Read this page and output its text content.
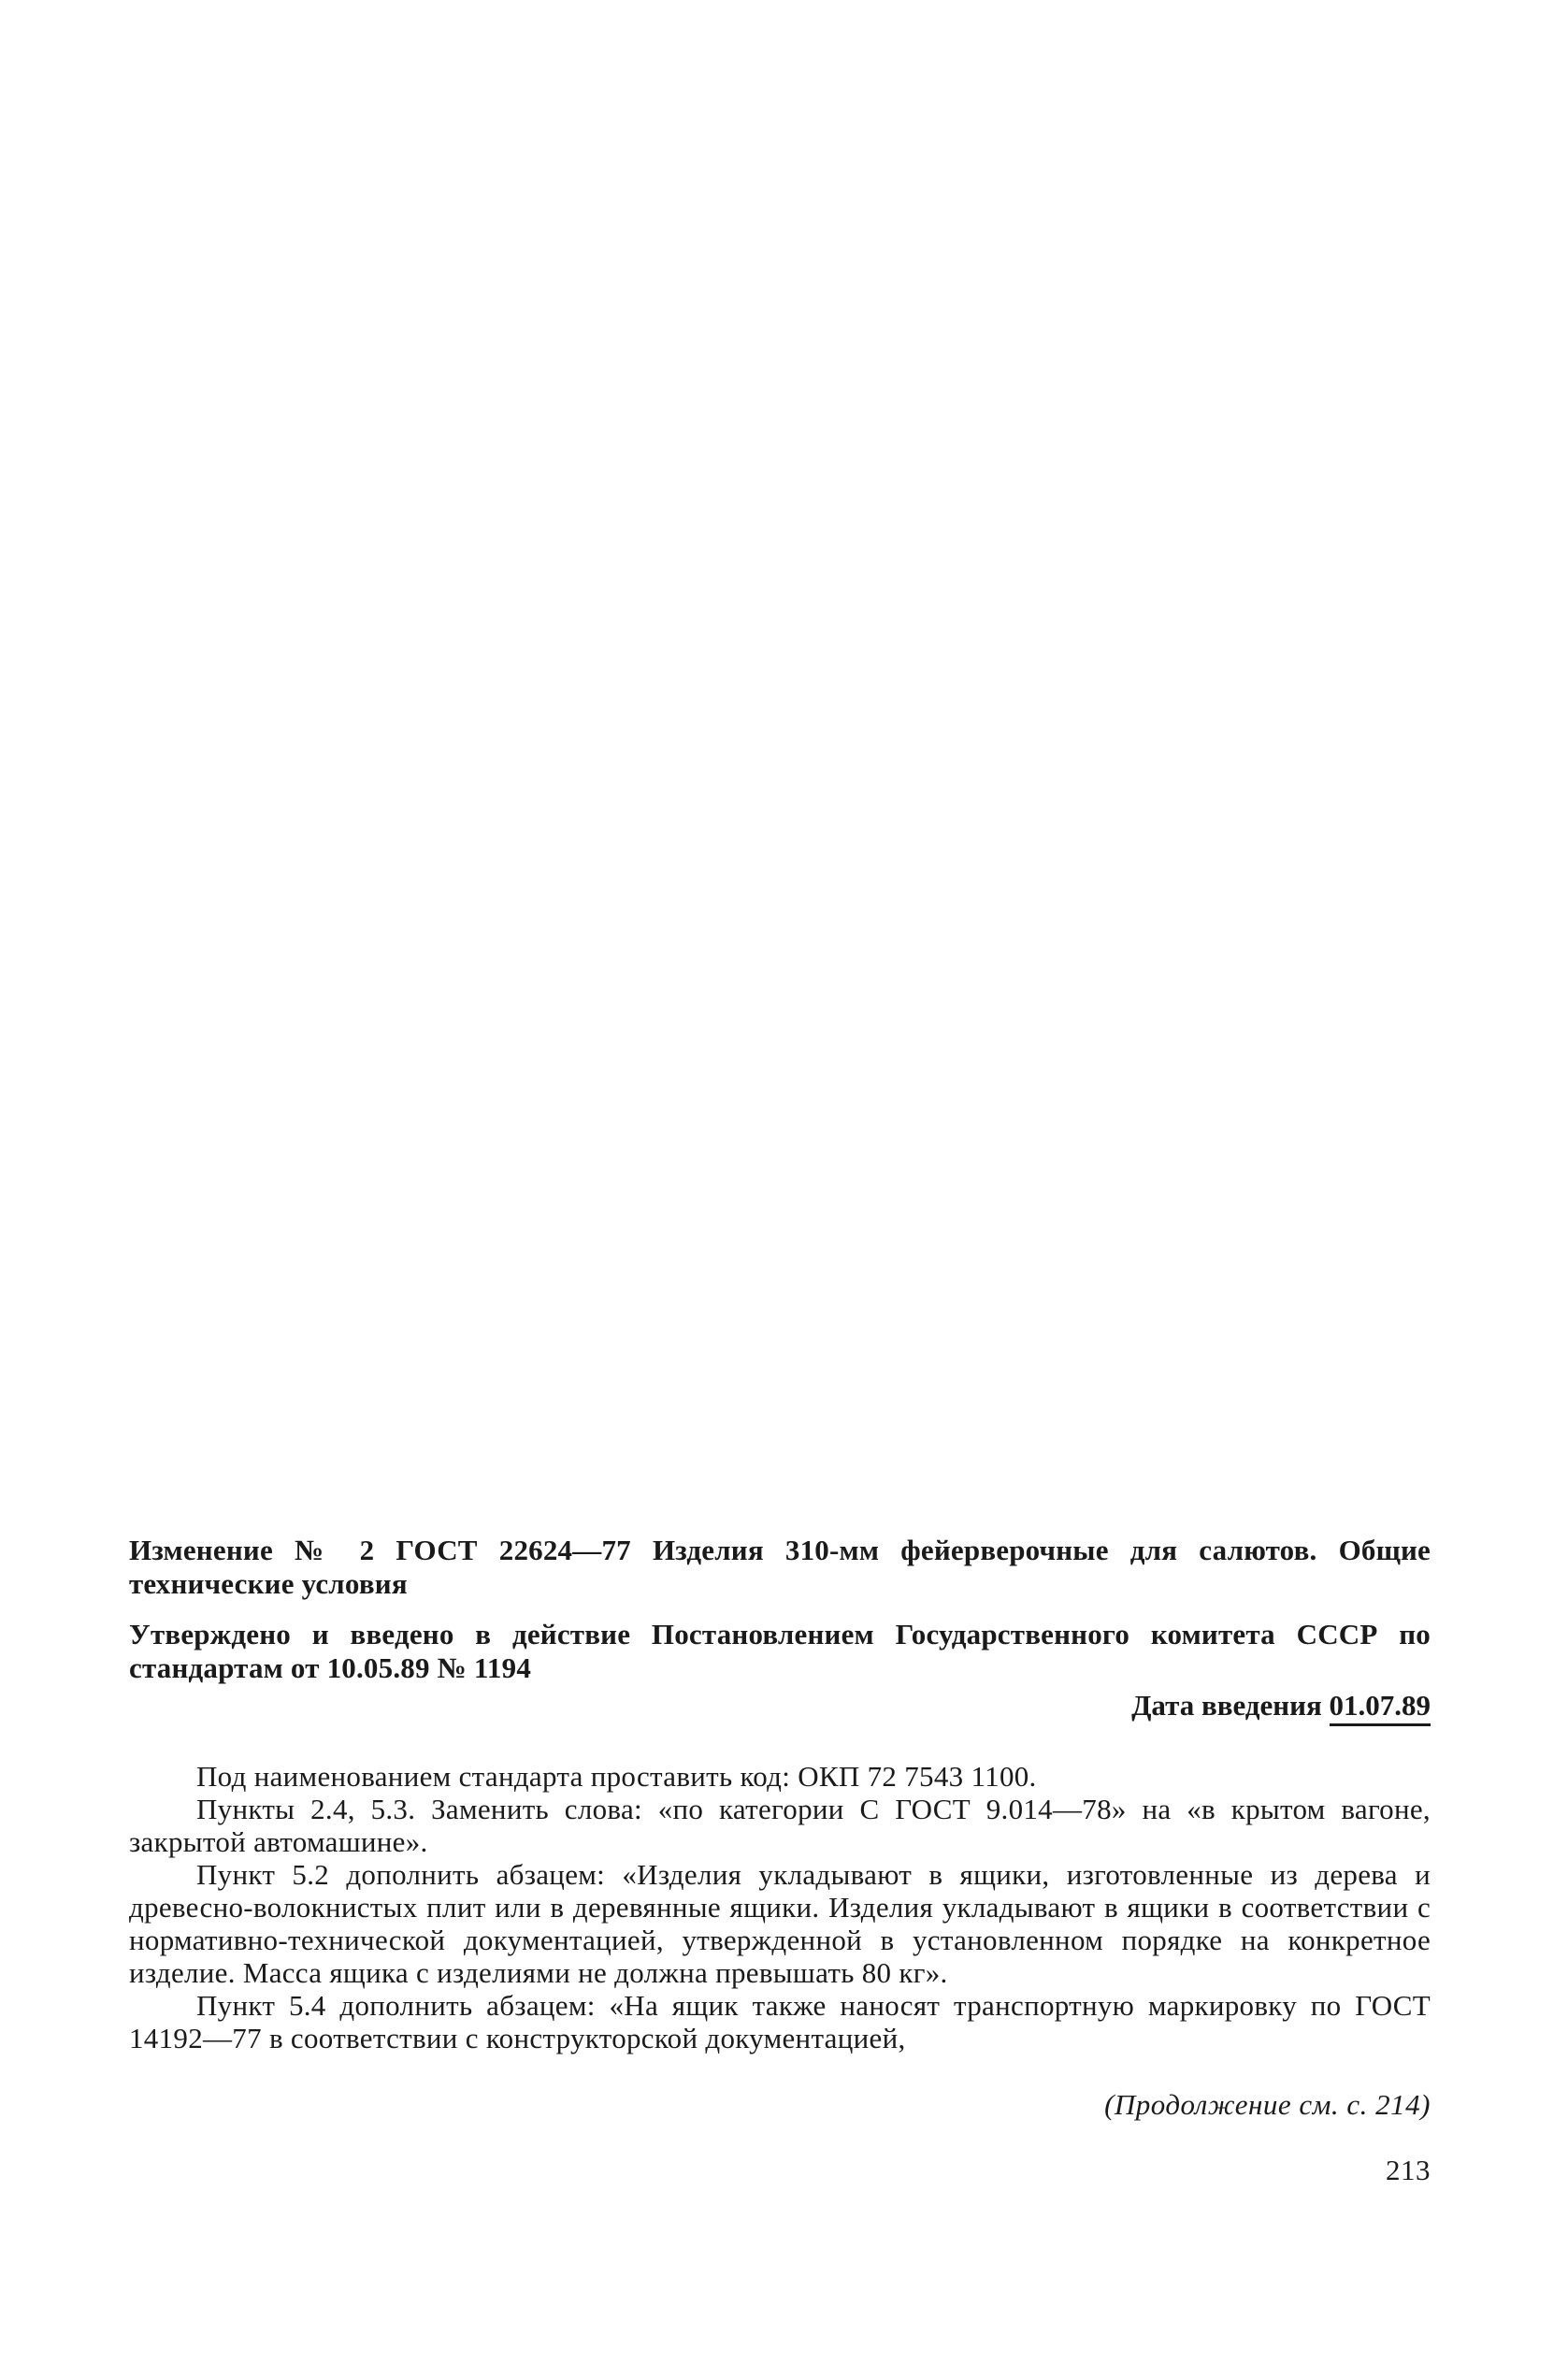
Изменение № 2 ГОСТ 22624—77 Изделия 310-мм фейерверочные для салютов. Общие технические условия

Утверждено и введено в действие Постановлением Государственного комитета СССР по стандартам от 10.05.89 № 1194

Дата введения 01.07.89

Под наименованием стандарта проставить код: ОКП 72 7543 1100.

Пункты 2.4, 5.3. Заменить слова: «по категории С ГОСТ 9.014—78» на «в крытом вагоне, закрытой автомашине».

Пункт 5.2 дополнить абзацем: «Изделия укладывают в ящики, изготовленные из дерева и древесно-волокнистых плит или в деревянные ящики. Изделия укладывают в ящики в соответствии с нормативно-технической документацией, утвержденной в установленном порядке на конкретное изделие. Масса ящика с изделиями не должна превышать 80 кг».

Пункт 5.4 дополнить абзацем: «На ящик также наносят транспортную маркировку по ГОСТ 14192—77 в соответствии с конструкторской документацией,

(Продолжение см. с. 214)
213
